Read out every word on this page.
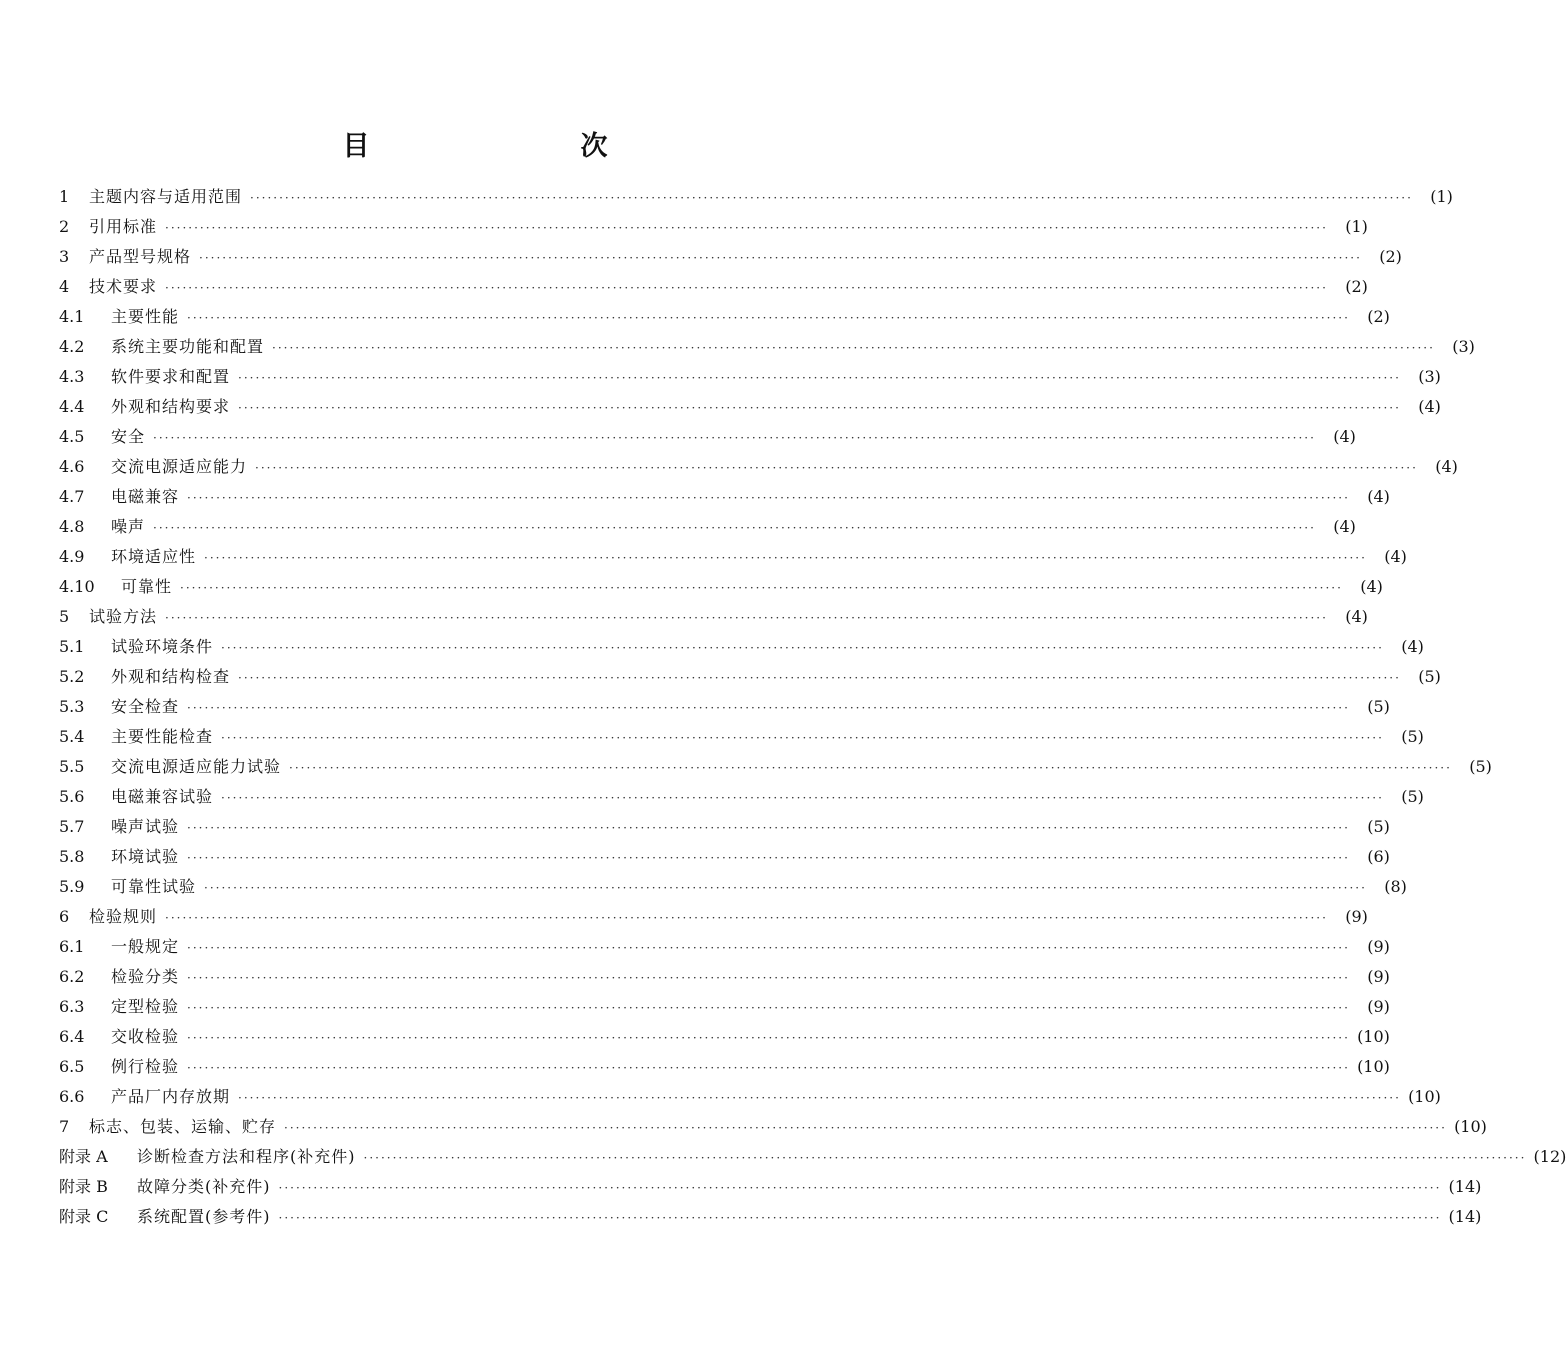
目　次
1	主题内容与适用范围 ········································································································································································································	(1)
2	引用标准 ········································································································································································································	(1)
3	产品型号规格 ········································································································································································································	(2)
4	技术要求 ········································································································································································································	(2)
4.1	主要性能 ········································································································································································································	(2)
4.2	系统主要功能和配置 ········································································································································································································	(3)
4.3	软件要求和配置 ········································································································································································································	(3)
4.4	外观和结构要求 ········································································································································································································	(4)
4.5	安全 ········································································································································································································	(4)
4.6	交流电源适应能力 ········································································································································································································	(4)
4.7	电磁兼容 ········································································································································································································	(4)
4.8	噪声 ········································································································································································································	(4)
4.9	环境适应性 ········································································································································································································	(4)
4.10	可靠性 ········································································································································································································	(4)
5	试验方法 ········································································································································································································	(4)
5.1	试验环境条件 ········································································································································································································	(4)
5.2	外观和结构检查 ········································································································································································································	(5)
5.3	安全检查 ········································································································································································································	(5)
5.4	主要性能检查 ········································································································································································································	(5)
5.5	交流电源适应能力试验 ········································································································································································································	(5)
5.6	电磁兼容试验 ········································································································································································································	(5)
5.7	噪声试验 ········································································································································································································	(5)
5.8	环境试验 ········································································································································································································	(6)
5.9	可靠性试验 ········································································································································································································	(8)
6	检验规则 ········································································································································································································	(9)
6.1	一般规定 ········································································································································································································	(9)
6.2	检验分类 ········································································································································································································	(9)
6.3	定型检验 ········································································································································································································	(9)
6.4	交收检验 ········································································································································································································ (10)
6.5	例行检验 ········································································································································································································ (10)
6.6	产品厂内存放期 ········································································································································································································ (10)
7	标志、包装、运输、贮存 ········································································································································································································ (10)
附录 A	诊断检查方法和程序(补充件) ········································································································································································································ (12)
附录 B	故障分类(补充件) ········································································································································································································ (14)
附录 C	系统配置(参考件) ········································································································································································································ (14)
